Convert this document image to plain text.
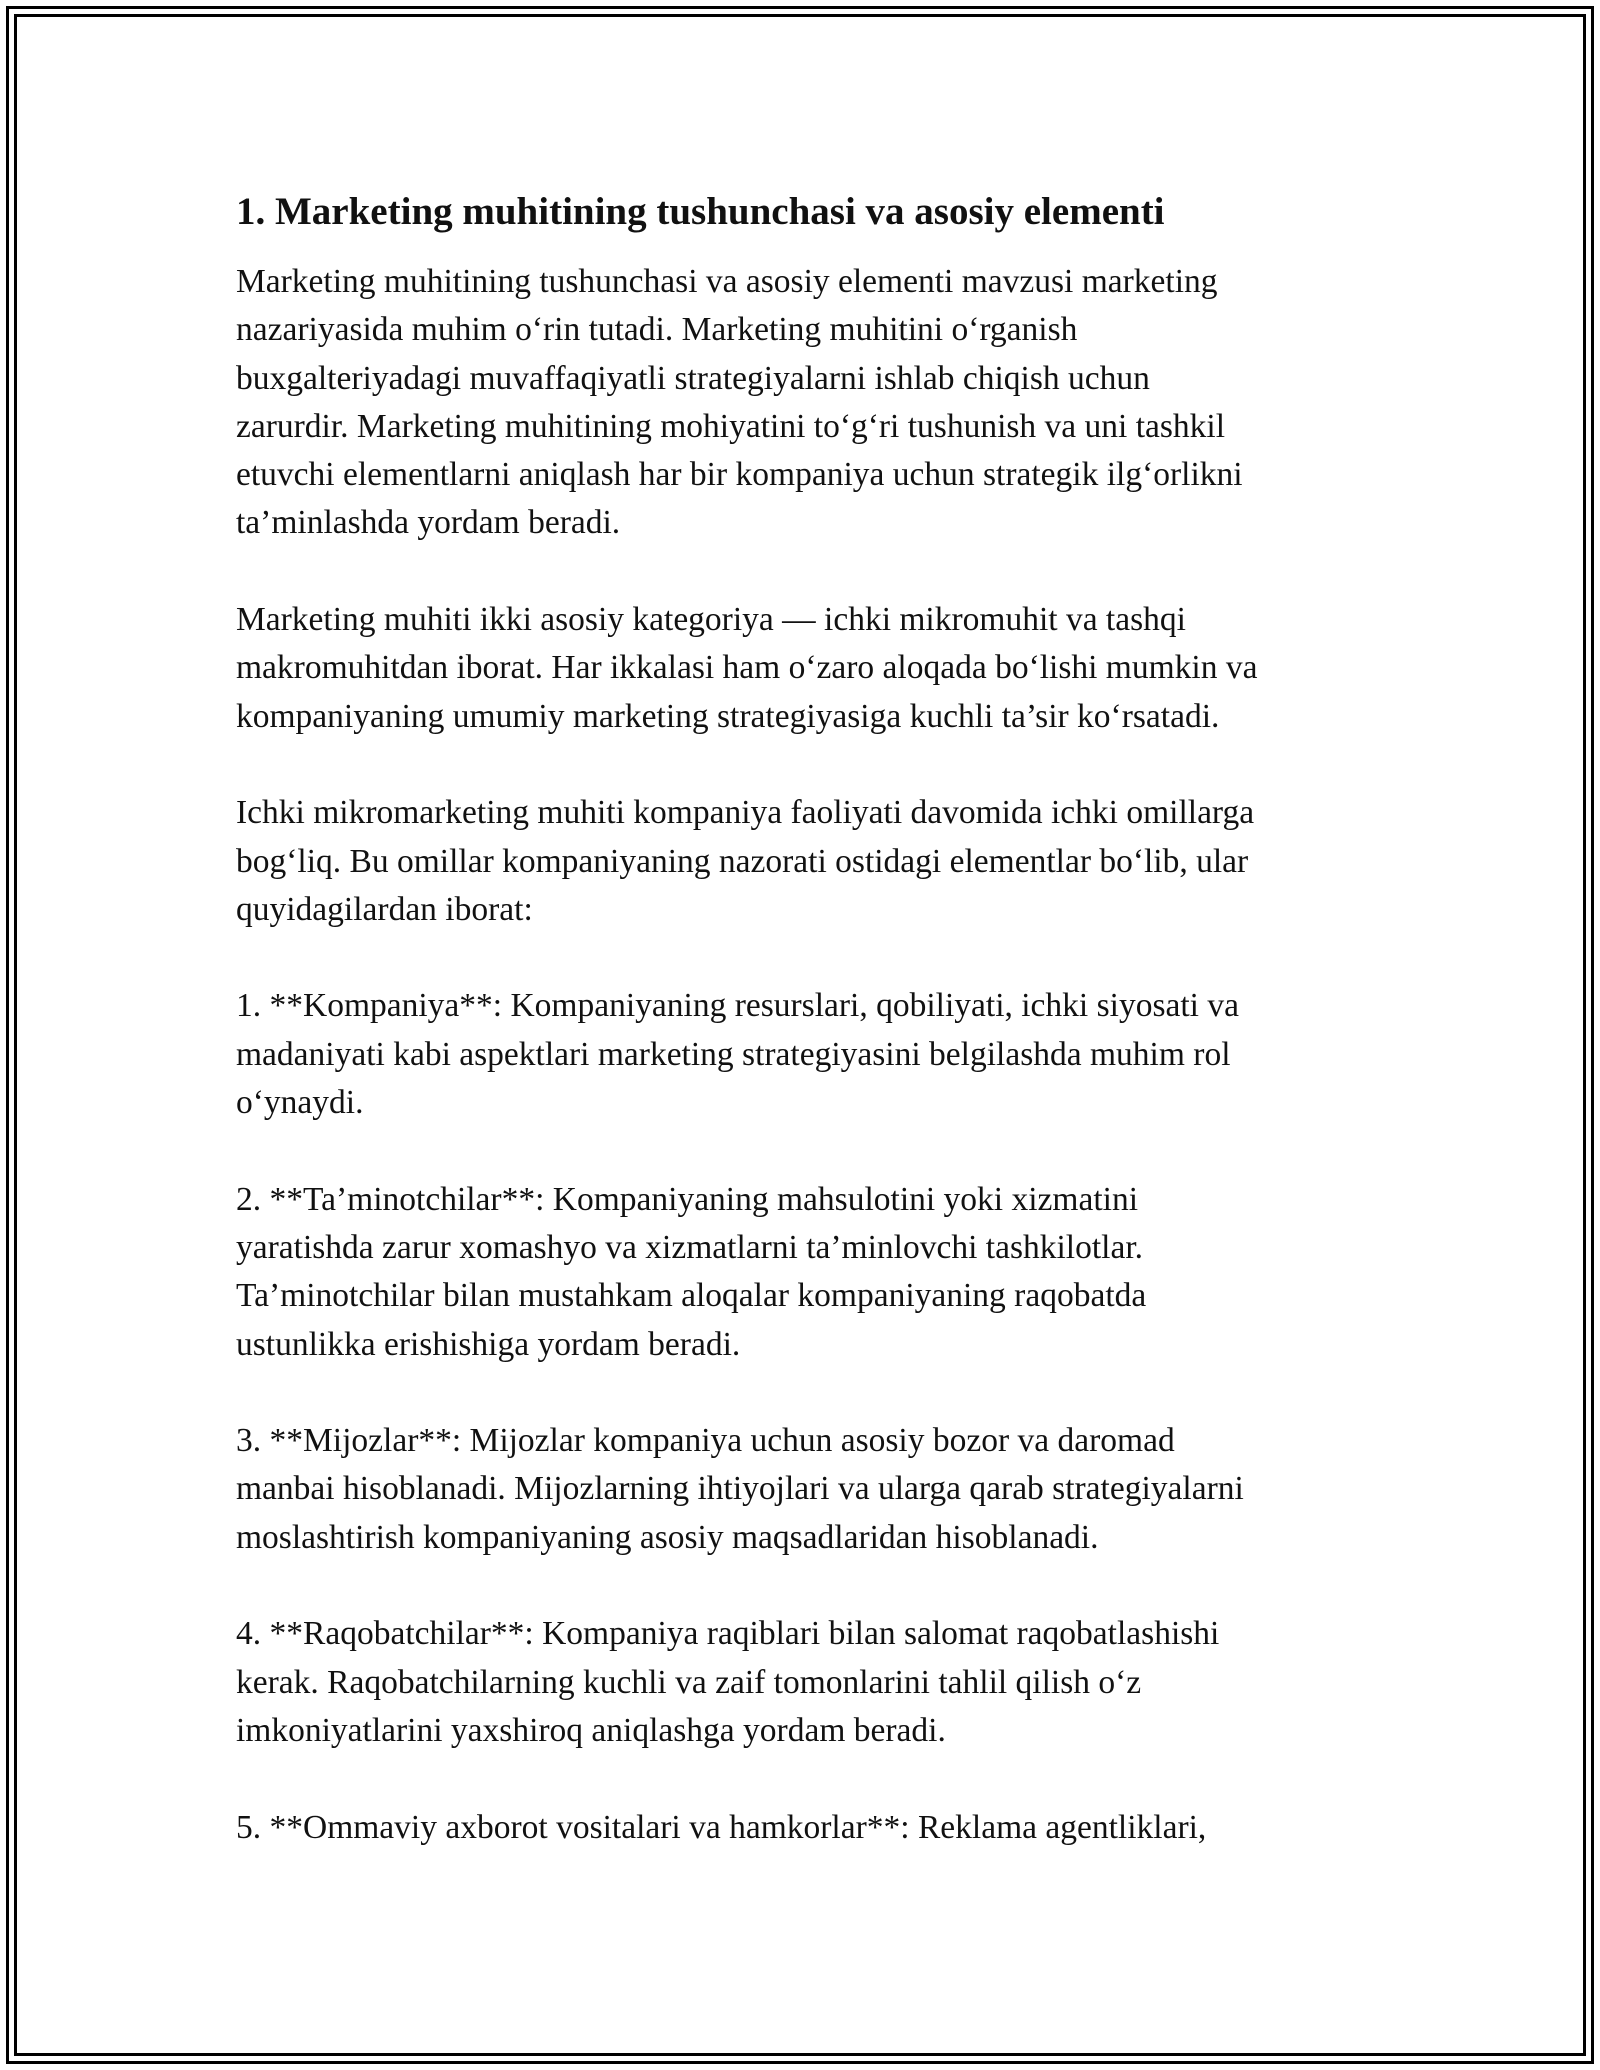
1. Marketing muhitining tushunchasi va asosiy elementi
Marketing muhitining tushunchasi va asosiy elementi mavzusi marketing
nazariyasida muhim o‘rin tutadi. Marketing muhitini o‘rganish
buxgalteriyadagi muvaffaqiyatli strategiyalarni ishlab chiqish uchun
zarurdir. Marketing muhitining mohiyatini to‘g‘ri tushunish va uni tashkil
etuvchi elementlarni aniqlash har bir kompaniya uchun strategik ilg‘orlikni
ta’minlashda yordam beradi.
Marketing muhiti ikki asosiy kategoriya — ichki mikromuhit va tashqi
makromuhitdan iborat. Har ikkalasi ham o‘zaro aloqada bo‘lishi mumkin va
kompaniyaning umumiy marketing strategiyasiga kuchli ta’sir ko‘rsatadi.
Ichki mikromarketing muhiti kompaniya faoliyati davomida ichki omillarga
bog‘liq. Bu omillar kompaniyaning nazorati ostidagi elementlar bo‘lib, ular
quyidagilardan iborat:
1. **Kompaniya**: Kompaniyaning resurslari, qobiliyati, ichki siyosati va
madaniyati kabi aspektlari marketing strategiyasini belgilashda muhim rol
o‘ynaydi.
2. **Ta’minotchilar**: Kompaniyaning mahsulotini yoki xizmatini
yaratishda zarur xomashyo va xizmatlarni ta’minlovchi tashkilotlar.
Ta’minotchilar bilan mustahkam aloqalar kompaniyaning raqobatda
ustunlikka erishishiga yordam beradi.
3. **Mijozlar**: Mijozlar kompaniya uchun asosiy bozor va daromad
manbai hisoblanadi. Mijozlarning ihtiyojlari va ularga qarab strategiyalarni
moslashtirish kompaniyaning asosiy maqsadlaridan hisoblanadi.
4. **Raqobatchilar**: Kompaniya raqiblari bilan salomat raqobatlashishi
kerak. Raqobatchilarning kuchli va zaif tomonlarini tahlil qilish o‘z
imkoniyatlarini yaxshiroq aniqlashga yordam beradi.
5. **Ommaviy axborot vositalari va hamkorlar**: Reklama agentliklari,
